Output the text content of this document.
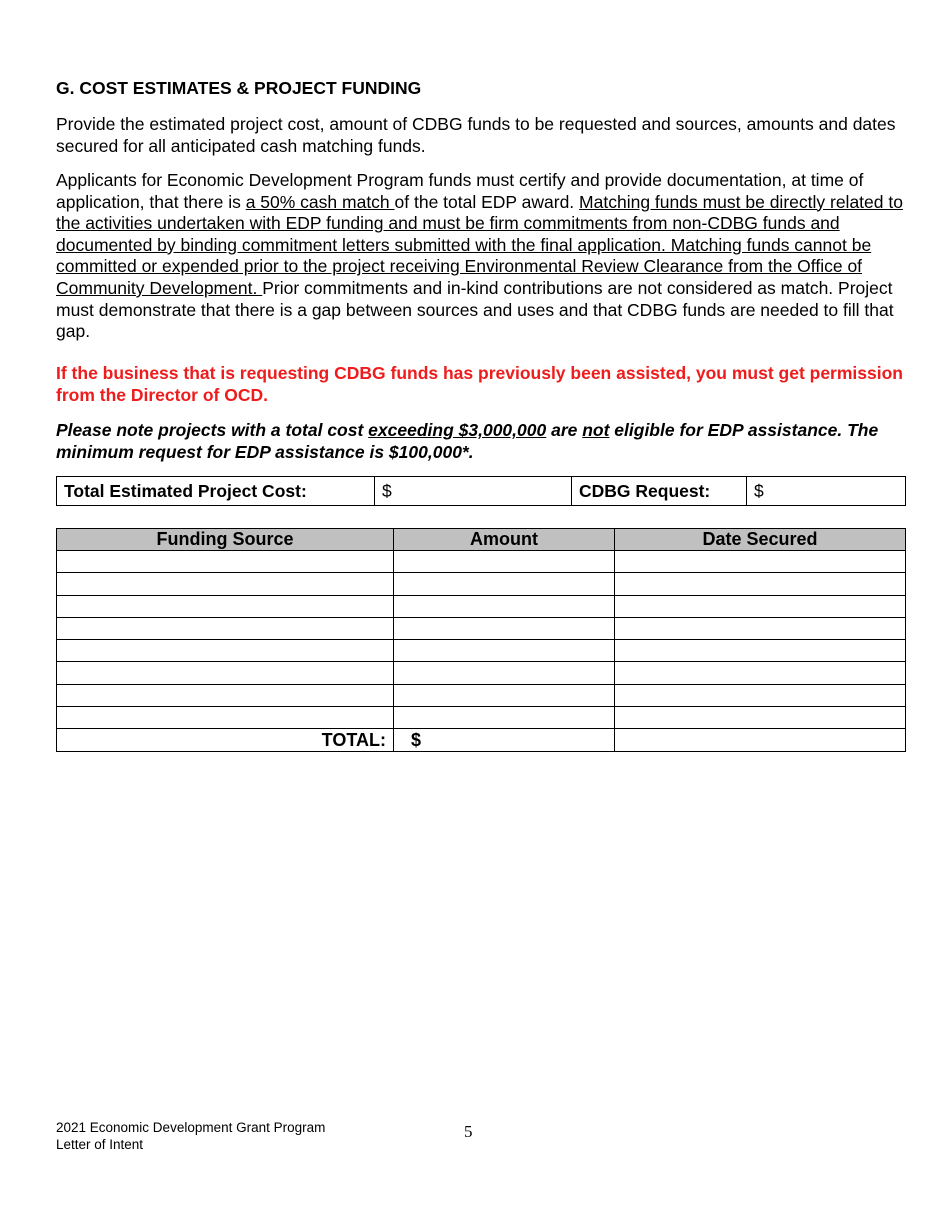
G. COST ESTIMATES & PROJECT FUNDING

Provide the estimated project cost, amount of CDBG funds to be requested and sources, amounts and dates secured for all anticipated cash matching funds.

Applicants for Economic Development Program funds must certify and provide documentation, at time of application, that there is a 50% cash match of the total EDP award. Matching funds must be directly related to the activities undertaken with EDP funding and must be firm commitments from non-CDBG funds and documented by binding commitment letters submitted with the final application. Matching funds cannot be committed or expended prior to the project receiving Environmental Review Clearance from the Office of Community Development. Prior commitments and in-kind contributions are not considered as match. Project must demonstrate that there is a gap between sources and uses and that CDBG funds are needed to fill that gap.

If the business that is requesting CDBG funds has previously been assisted, you must get permission from the Director of OCD.

Please note projects with a total cost exceeding $3,000,000 are not eligible for EDP assistance. The minimum request for EDP assistance is $100,000*.

Total Estimated Project Cost:	$	CDBG Request:	$
Funding Source	Amount	Date Secured

TOTAL:	$	
2021 Economic Development Grant Program
Letter of Intent
5
